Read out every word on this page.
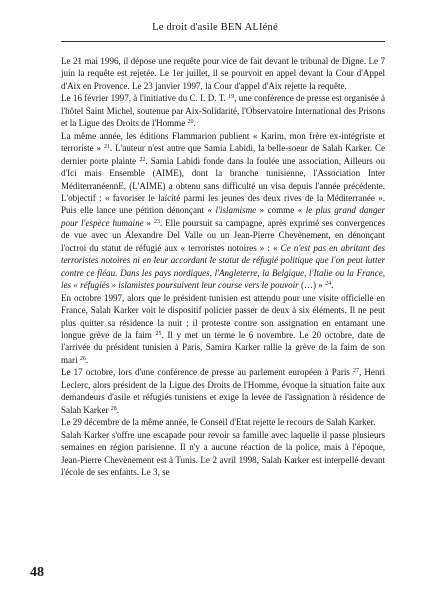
Le droit d'asile BEN ALIéné

Le 21 mai 1996, il dépose une requête pour vice de fait devant le tribunal de Digne. Le 7 juin la requête est rejetée. Le 1er juillet, il se pourvoit en appel devant la Cour d'Appel d'Aix en Provence. Le 23 janvier 1997, la Cour d'appel d'Aix rejette la requête.

Le 16 février 1997, à l'initiative du C. I. D. T. $^{19}$, une conférence de presse est organisée à l'hôtel Saint Michel, soutenue par Aix-Solidarité, l'Observatoire International des Prisons et la Ligue des Droits de l'Homme $^{20}$.

La même année, les éditions Flammarion publient « Karim, mon frère ex-intégriste et terroriste » $^{21}$. L'auteur n'est autre que Samia Labidi, la belle-soeur de Salah Karker. Ce dernier porte plainte $^{22}$. Samia Labidi fonde dans la foulée une association, Ailleurs ou d'Ici mais Ensemble (AIME), dont la branche tunisienne, l'Association Inter MéditerranéennE, (L'AIME) a obtenu sans difficulté un visa depuis l'année précédente. L'objectif : « favoriser le laïcité parmi les jeunes des deux rives de la Méditerranée ». Puis elle lance une pétition dénonçant « l'islamisme » comme « le plus grand danger pour l'espèce humaine » $^{23}$. Elle poursuit sa campagne, après exprimé ses convergences de vue avec un Alexandre Del Valle ou un Jean-Pierre Chevènement, en dénonçant l'octroi du statut de réfugié aux « terroristes notoires » : « Ce n'est pas en abritant des terroristes notoires ni en leur accordant le statut de réfugié politique que l'on peut lutter contre ce fléau. Dans les pays nordiques, l'Angleterre, la Belgique, l'Italie ou la France, les « réfugiés » islamistes poursuivent leur course vers le pouvoir (…) » $^{24}$.

En octobre 1997, alors que le président tunisien est attendu pour une visite officielle en France, Salah Karker voit le dispositif policier passer de deux à six éléments. Il ne peut plus quitter sa résidence la nuit ; il proteste contre son assignation en entamant une longue grève de la faim $^{25}$. Il y met un terme le 6 novembre. Le 20 octobre, date de l'arrivée du président tunisien à Paris, Samira Karker rallie la grève de la faim de son mari $^{26}$.

Le 17 octobre, lors d'une conférence de presse au parlement européen à Paris $^{27}$, Henri Leclerc, alors président de la Ligue des Droits de l'Homme, évoque la situation faite aux demandeurs d'asile et réfugiés tunisiens et exige la levée de l'assignation à résidence de Salah Karker $^{28}$.

Le 29 décembre de la même année, le Conseil d'Etat rejette le recours de Salah Karker.

Salah Karker s'offre une escapade pour revoir sa famille avec laquelle il passe plusieurs semaines en région parisienne. Il n'y a aucune réaction de la police, mais à l'époque, Jean-Pierre Chevènement est à Tunis. Le 2 avril 1998, Salah Karker est interpellé devant l'école de ses enfants. Le 3, se

48
